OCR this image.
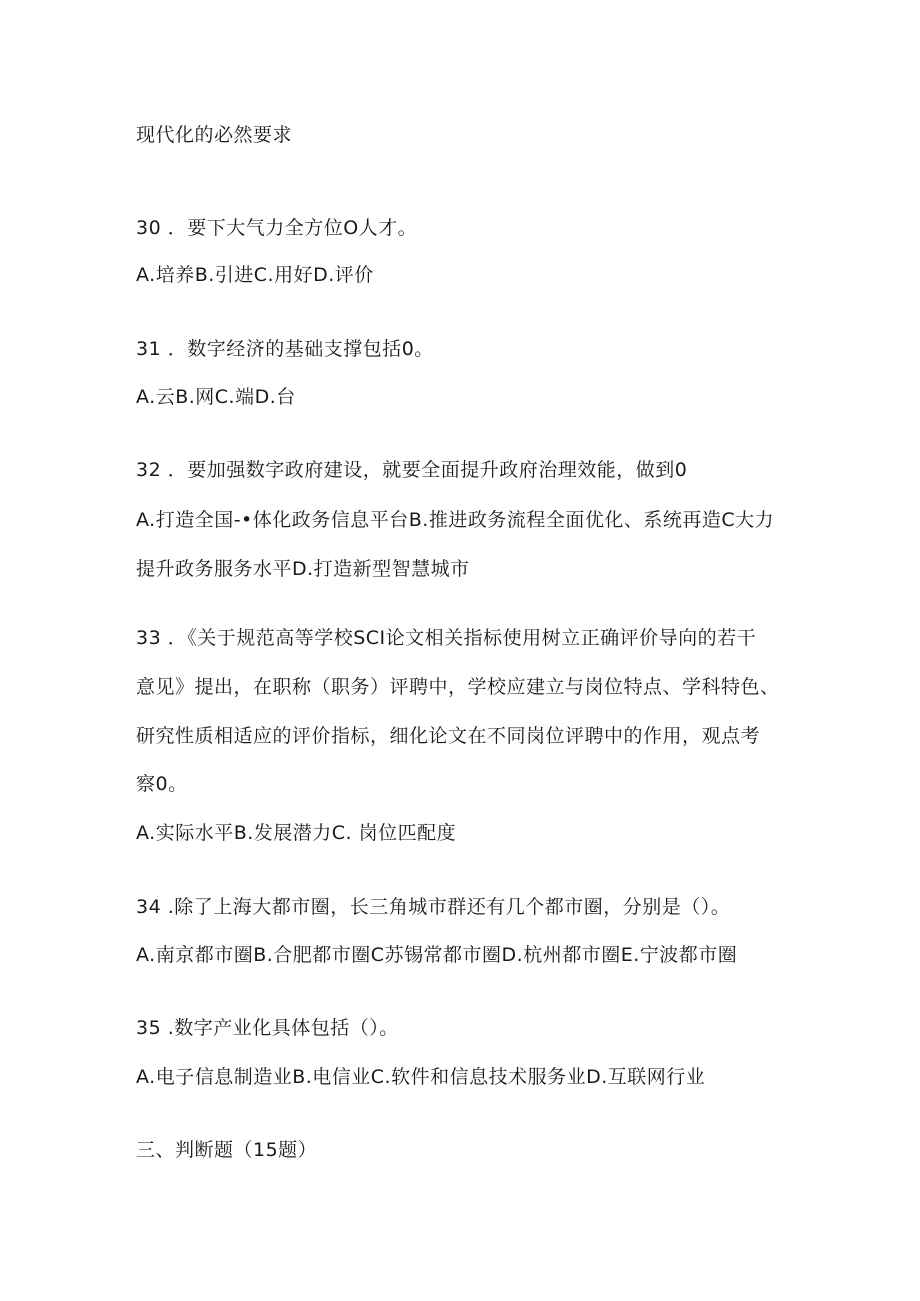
现代化的必然要求
30 ．要下大气力全方位O人才。
A.培养B.引进C.用好D.评价
31 ．数字经济的基础支撑包括0。
A.云B.网C.端D.台
32 ．要加强数字政府建设，就要全面提升政府治理效能，做到0
A.打造全国-•体化政务信息平台B.推进政务流程全面优化、系统再造C大力
提升政务服务水平D.打造新型智慧城市
33 ．《关于规范高等学校SCI论文相关指标使用树立正确评价导向的若干
意见》提出，在职称（职务）评聘中，学校应建立与岗位特点、学科特色、
研究性质相适应的评价指标，细化论文在不同岗位评聘中的作用，观点考
察0。
A.实际水平B.发展潜力C. 岗位匹配度
34 .除了上海大都市圈，长三角城市群还有几个都市圈，分别是（）。
A.南京都市圈B.合肥都市圈C苏锡常都市圈D.杭州都市圈E.宁波都市圈
35 .数字产业化具体包括（）。
A.电子信息制造业B.电信业C.软件和信息技术服务业D.互联网行业
三、判断题（15题）
